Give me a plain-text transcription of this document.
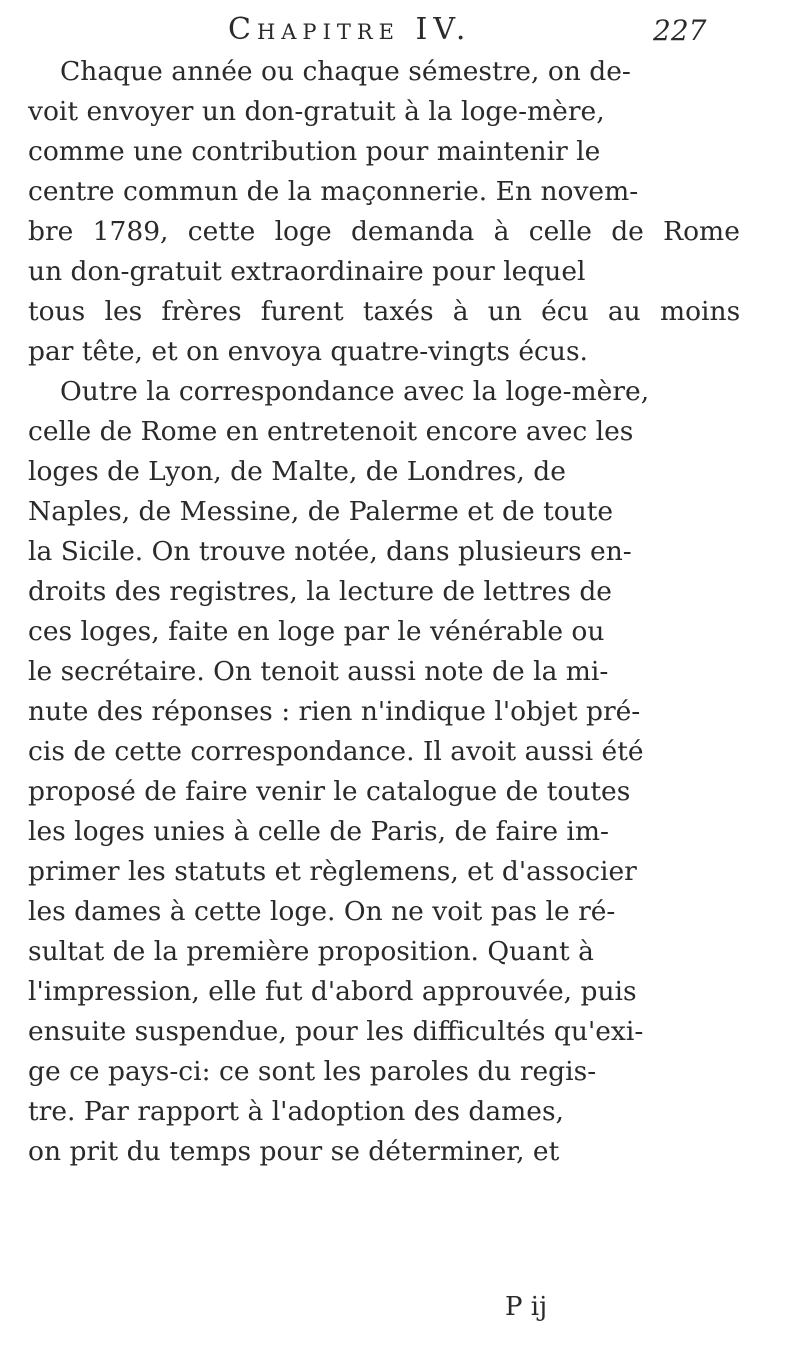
Chapitre IV.	227
Chaque année ou chaque sémestre, on de-
voit envoyer un don-gratuit à la loge-mère,
comme une contribution pour maintenir le
centre commun de la maçonnerie. En novem-
bre 1789, cette loge demanda à celle de Rome
un don-gratuit extraordinaire pour lequel
tous les frères furent taxés à un écu au moins
par tête, et on envoya quatre-vingts écus.
Outre la correspondance avec la loge-mère,
celle de Rome en entretenoit encore avec les
loges de Lyon, de Malte, de Londres, de
Naples, de Messine, de Palerme et de toute
la Sicile. On trouve notée, dans plusieurs en-
droits des registres, la lecture de lettres de
ces loges, faite en loge par le vénérable ou
le secrétaire. On tenoit aussi note de la mi-
nute des réponses : rien n'indique l'objet pré-
cis de cette correspondance. Il avoit aussi été
proposé de faire venir le catalogue de toutes
les loges unies à celle de Paris, de faire im-
primer les statuts et règlemens, et d'associer
les dames à cette loge. On ne voit pas le ré-
sultat de la première proposition. Quant à
l'impression, elle fut d'abord approuvée, puis
ensuite suspendue, pour les difficultés qu'exi-
ge ce pays-ci: ce sont les paroles du regis-
tre. Par rapport à l'adoption des dames,
on prit du temps pour se déterminer, et
P ij
